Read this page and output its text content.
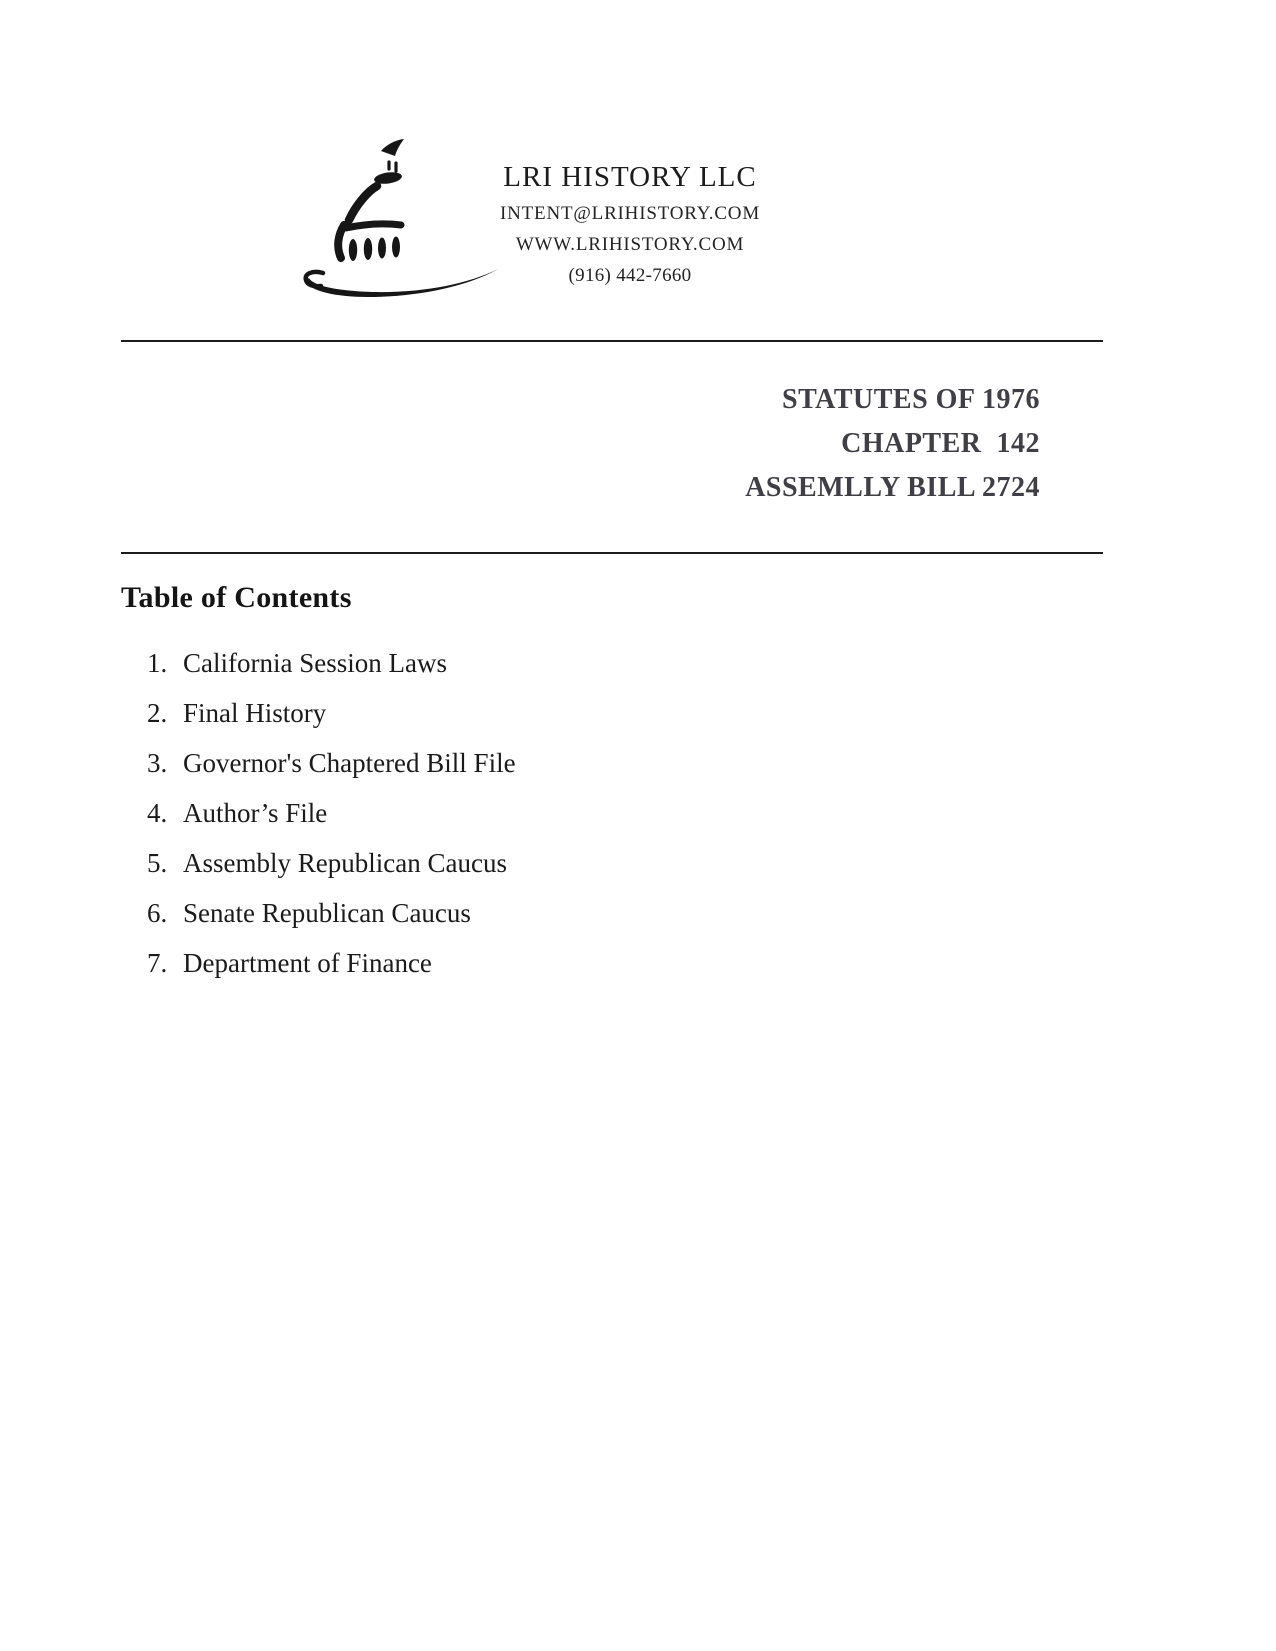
LRI HISTORY LLC
INTENT@LRIHISTORY.COM
WWW.LRIHISTORY.COM
(916) 442-7660
STATUTES OF 1976
CHAPTER  142
ASSEMLLY BILL 2724
Table of Contents
1. California Session Laws
2. Final History
3. Governor's Chaptered Bill File
4. Author’s File
5. Assembly Republican Caucus
6. Senate Republican Caucus
7. Department of Finance
